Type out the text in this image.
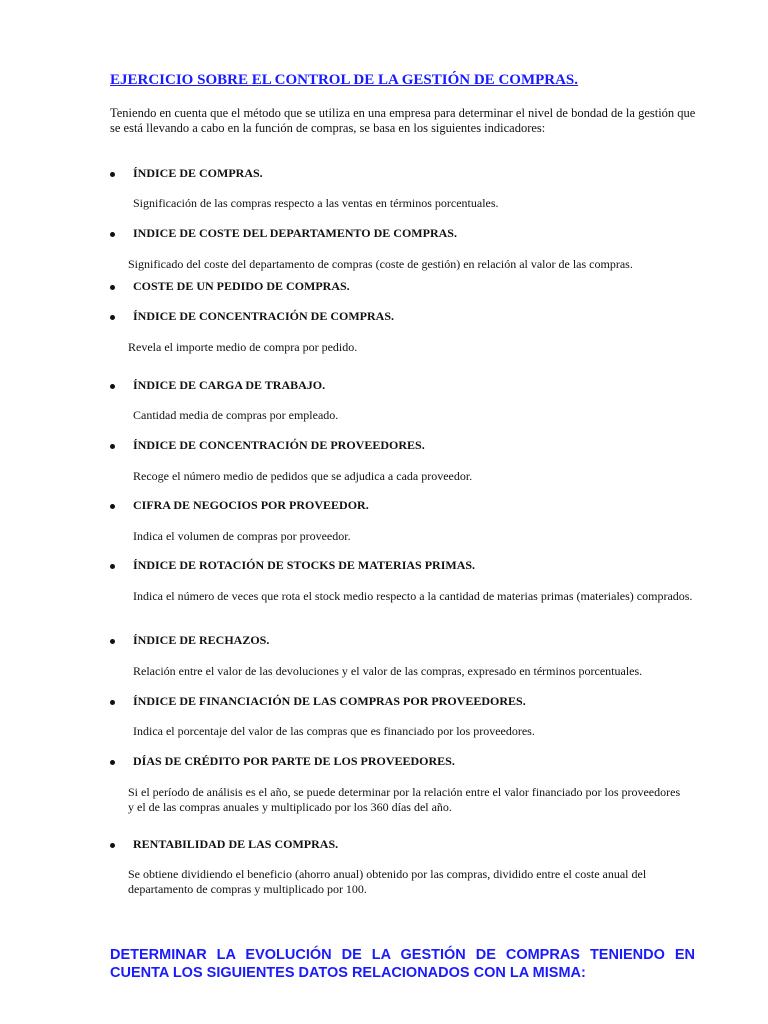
EJERCICIO SOBRE EL CONTROL DE LA GESTIÓN DE COMPRAS.

Teniendo en cuenta que el método que se utiliza en una empresa para determinar el nivel de bondad de la gestión que se está llevando a cabo en la función de compras, se basa en los siguientes indicadores:

ÍNDICE DE COMPRAS.

Significación de las compras respecto a las ventas en términos porcentuales.

INDICE DE COSTE DEL DEPARTAMENTO DE COMPRAS.

Significado del coste del departamento de compras (coste de gestión) en relación al valor de las compras.

COSTE DE UN PEDIDO DE COMPRAS.
ÍNDICE DE CONCENTRACIÓN DE COMPRAS.

Revela el importe medio de compra por pedido.

ÍNDICE DE CARGA DE TRABAJO.

Cantidad media de compras por empleado.

ÍNDICE DE CONCENTRACIÓN DE PROVEEDORES.

Recoge el número medio de pedidos que se adjudica a cada proveedor.

CIFRA DE NEGOCIOS POR PROVEEDOR.

Indica el volumen de compras por proveedor.

ÍNDICE DE ROTACIÓN DE STOCKS DE MATERIAS PRIMAS.

Indica el número de veces que rota el stock medio respecto a la cantidad de materias primas (materiales) comprados.

ÍNDICE DE RECHAZOS.

Relación entre el valor de las devoluciones y el valor de las compras, expresado en términos porcentuales.

ÍNDICE DE FINANCIACIÓN DE LAS COMPRAS POR PROVEEDORES.

Indica el porcentaje del valor de las compras que es financiado por los proveedores.

DÍAS DE CRÉDITO POR PARTE DE LOS PROVEEDORES.

Si el período de análisis es el año, se puede determinar por la relación entre el valor financiado por los proveedores y el de las compras anuales y multiplicado por los 360 días del año.

RENTABILIDAD DE LAS COMPRAS.

Se obtiene dividiendo el beneficio (ahorro anual) obtenido por las compras, dividido entre el coste anual del departamento de compras y multiplicado por 100.

DETERMINAR LA EVOLUCIÓN DE LA GESTIÓN DE COMPRAS TENIENDO EN CUENTA LOS SIGUIENTES DATOS RELACIONADOS CON LA MISMA:
